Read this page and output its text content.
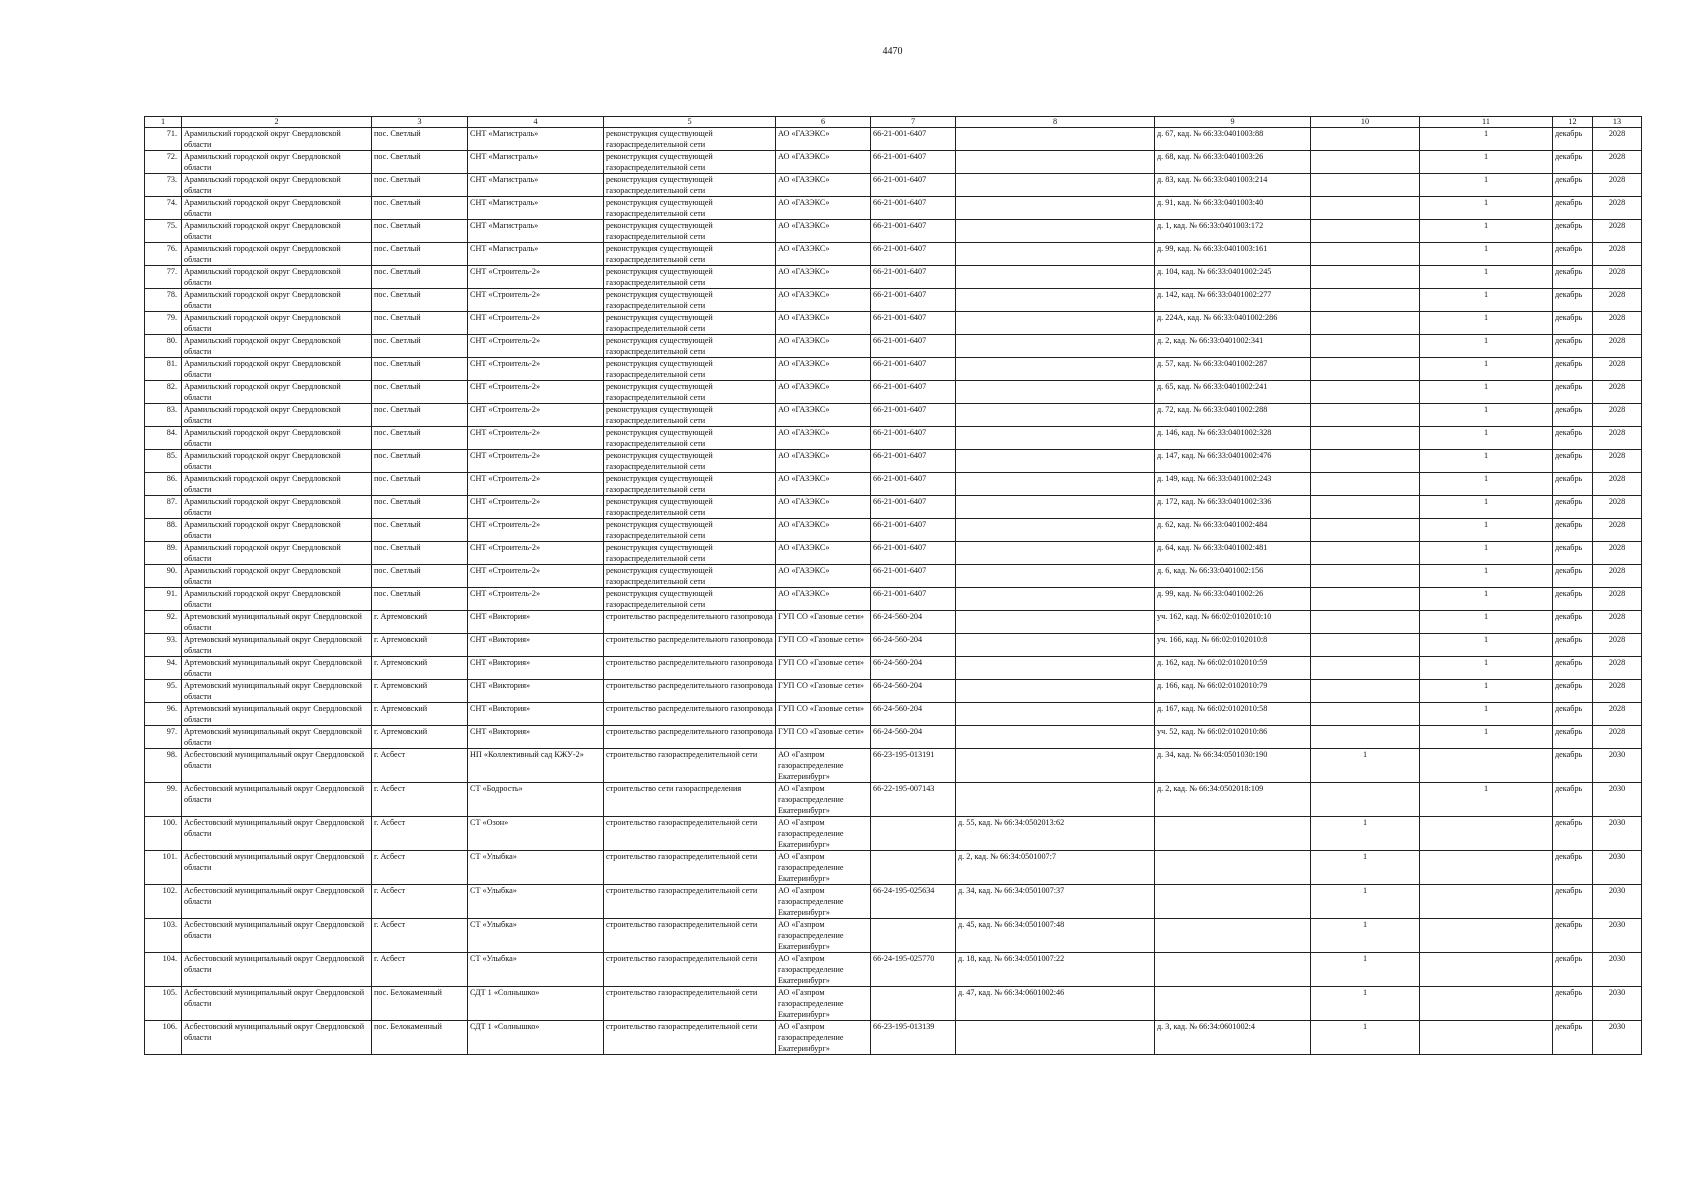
4470
1	2	3	4	5	6	7	8	9	10	11	12	13
71.	Арамильский городской округ Свердловской области	пос. Светлый	СНТ «Магистраль»	реконструкция существующей газораспределительной сети	АО «ГАЗЭКС»	66-21-001-6407		д. 67, кад. № 66:33:0401003:88		1	декабрь	2028
72.	Арамильский городской округ Свердловской области	пос. Светлый	СНТ «Магистраль»	реконструкция существующей газораспределительной сети	АО «ГАЗЭКС»	66-21-001-6407		д. 68, кад. № 66:33:0401003:26		1	декабрь	2028
73.	Арамильский городской округ Свердловской области	пос. Светлый	СНТ «Магистраль»	реконструкция существующей газораспределительной сети	АО «ГАЗЭКС»	66-21-001-6407		д. 83, кад. № 66:33:0401003:214		1	декабрь	2028
74.	Арамильский городской округ Свердловской области	пос. Светлый	СНТ «Магистраль»	реконструкция существующей газораспределительной сети	АО «ГАЗЭКС»	66-21-001-6407		д. 91, кад. № 66:33:0401003:40		1	декабрь	2028
75.	Арамильский городской округ Свердловской области	пос. Светлый	СНТ «Магистраль»	реконструкция существующей газораспределительной сети	АО «ГАЗЭКС»	66-21-001-6407		д. 1, кад. № 66:33:0401003:172		1	декабрь	2028
76.	Арамильский городской округ Свердловской области	пос. Светлый	СНТ «Магистраль»	реконструкция существующей газораспределительной сети	АО «ГАЗЭКС»	66-21-001-6407		д. 99, кад. № 66:33:0401003:161		1	декабрь	2028
77.	Арамильский городской округ Свердловской области	пос. Светлый	СНТ «Строитель-2»	реконструкция существующей газораспределительной сети	АО «ГАЗЭКС»	66-21-001-6407		д. 104, кад. № 66:33:0401002:245		1	декабрь	2028
78.	Арамильский городской округ Свердловской области	пос. Светлый	СНТ «Строитель-2»	реконструкция существующей газораспределительной сети	АО «ГАЗЭКС»	66-21-001-6407		д. 142, кад. № 66:33:0401002:277		1	декабрь	2028
79.	Арамильский городской округ Свердловской области	пос. Светлый	СНТ «Строитель-2»	реконструкция существующей газораспределительной сети	АО «ГАЗЭКС»	66-21-001-6407		д. 224А, кад. № 66:33:0401002:286		1	декабрь	2028
80.	Арамильский городской округ Свердловской области	пос. Светлый	СНТ «Строитель-2»	реконструкция существующей газораспределительной сети	АО «ГАЗЭКС»	66-21-001-6407		д. 2, кад. № 66:33:0401002:341		1	декабрь	2028
81.	Арамильский городской округ Свердловской области	пос. Светлый	СНТ «Строитель-2»	реконструкция существующей газораспределительной сети	АО «ГАЗЭКС»	66-21-001-6407		д. 57, кад. № 66:33:0401002:287		1	декабрь	2028
82.	Арамильский городской округ Свердловской области	пос. Светлый	СНТ «Строитель-2»	реконструкция существующей газораспределительной сети	АО «ГАЗЭКС»	66-21-001-6407		д. 65, кад. № 66:33:0401002:241		1	декабрь	2028
83.	Арамильский городской округ Свердловской области	пос. Светлый	СНТ «Строитель-2»	реконструкция существующей газораспределительной сети	АО «ГАЗЭКС»	66-21-001-6407		д. 72, кад. № 66:33:0401002:288		1	декабрь	2028
84.	Арамильский городской округ Свердловской области	пос. Светлый	СНТ «Строитель-2»	реконструкция существующей газораспределительной сети	АО «ГАЗЭКС»	66-21-001-6407		д. 146, кад. № 66:33:0401002:328		1	декабрь	2028
85.	Арамильский городской округ Свердловской области	пос. Светлый	СНТ «Строитель-2»	реконструкция существующей газораспределительной сети	АО «ГАЗЭКС»	66-21-001-6407		д. 147, кад. № 66:33:0401002:476		1	декабрь	2028
86.	Арамильский городской округ Свердловской области	пос. Светлый	СНТ «Строитель-2»	реконструкция существующей газораспределительной сети	АО «ГАЗЭКС»	66-21-001-6407		д. 149, кад. № 66:33:0401002:243		1	декабрь	2028
87.	Арамильский городской округ Свердловской области	пос. Светлый	СНТ «Строитель-2»	реконструкция существующей газораспределительной сети	АО «ГАЗЭКС»	66-21-001-6407		д. 172, кад. № 66:33:0401002:336		1	декабрь	2028
88.	Арамильский городской округ Свердловской области	пос. Светлый	СНТ «Строитель-2»	реконструкция существующей газораспределительной сети	АО «ГАЗЭКС»	66-21-001-6407		д. 62, кад. № 66:33:0401002:484		1	декабрь	2028
89.	Арамильский городской округ Свердловской области	пос. Светлый	СНТ «Строитель-2»	реконструкция существующей газораспределительной сети	АО «ГАЗЭКС»	66-21-001-6407		д. 64, кад. № 66:33:0401002:481		1	декабрь	2028
90.	Арамильский городской округ Свердловской области	пос. Светлый	СНТ «Строитель-2»	реконструкция существующей газораспределительной сети	АО «ГАЗЭКС»	66-21-001-6407		д. 6, кад. № 66:33:0401002:156		1	декабрь	2028
91.	Арамильский городской округ Свердловской области	пос. Светлый	СНТ «Строитель-2»	реконструкция существующей газораспределительной сети	АО «ГАЗЭКС»	66-21-001-6407		д. 99, кад. № 66:33:0401002:26		1	декабрь	2028
92.	Артемовский муниципальный округ Свердловской области	г. Артемовский	СНТ «Виктория»	строительство распределительного газопровода	ГУП СО «Газовые сети»	66-24-560-204		уч. 162, кад. № 66:02:0102010:10		1	декабрь	2028
93.	Артемовский муниципальный округ Свердловской области	г. Артемовский	СНТ «Виктория»	строительство распределительного газопровода	ГУП СО «Газовые сети»	66-24-560-204		уч. 166, кад. № 66:02:0102010:8		1	декабрь	2028
94.	Артемовский муниципальный округ Свердловской области	г. Артемовский	СНТ «Виктория»	строительство распределительного газопровода	ГУП СО «Газовые сети»	66-24-560-204		д. 162, кад. № 66:02:0102010:59		1	декабрь	2028
95.	Артемовский муниципальный округ Свердловской области	г. Артемовский	СНТ «Виктория»	строительство распределительного газопровода	ГУП СО «Газовые сети»	66-24-560-204		д. 166, кад. № 66:02:0102010:79		1	декабрь	2028
96.	Артемовский муниципальный округ Свердловской области	г. Артемовский	СНТ «Виктория»	строительство распределительного газопровода	ГУП СО «Газовые сети»	66-24-560-204		д. 167, кад. № 66:02:0102010:58		1	декабрь	2028
97.	Артемовский муниципальный округ Свердловской области	г. Артемовский	СНТ «Виктория»	строительство распределительного газопровода	ГУП СО «Газовые сети»	66-24-560-204		уч. 52, кад. № 66:02:0102010:86		1	декабрь	2028
98.	Асбестовский муниципальный округ Свердловской области	г. Асбест	НП «Коллективный сад КЖУ-2»	строительство газораспределительной сети	АО «Газпром газораспределение Екатеринбург»	66-23-195-013191		д. 34, кад. № 66:34:0501030:190	1		декабрь	2030
99.	Асбестовский муниципальный округ Свердловской области	г. Асбест	СТ «Бодрость»	строительство сети газораспределения	АО «Газпром газораспределение Екатеринбург»	66-22-195-007143		д. 2, кад. № 66:34:0502018:109		1	декабрь	2030
100.	Асбестовский муниципальный округ Свердловской области	г. Асбест	СТ «Озон»	строительство газораспределительной сети	АО «Газпром газораспределение Екатеринбург»		д. 55, кад. № 66:34:0502013:62		1		декабрь	2030
101.	Асбестовский муниципальный округ Свердловской области	г. Асбест	СТ «Улыбка»	строительство газораспределительной сети	АО «Газпром газораспределение Екатеринбург»		д. 2, кад. № 66:34:0501007:7		1		декабрь	2030
102.	Асбестовский муниципальный округ Свердловской области	г. Асбест	СТ «Улыбка»	строительство газораспределительной сети	АО «Газпром газораспределение Екатеринбург»	66-24-195-025634	д. 34, кад. № 66:34:0501007:37		1		декабрь	2030
103.	Асбестовский муниципальный округ Свердловской области	г. Асбест	СТ «Улыбка»	строительство газораспределительной сети	АО «Газпром газораспределение Екатеринбург»		д. 45, кад. № 66:34:0501007:48		1		декабрь	2030
104.	Асбестовский муниципальный округ Свердловской области	г. Асбест	СТ «Улыбка»	строительство газораспределительной сети	АО «Газпром газораспределение Екатеринбург»	66-24-195-025770	д. 18, кад. № 66:34:0501007:22		1		декабрь	2030
105.	Асбестовский муниципальный округ Свердловской области	пос. Белокаменный	СДТ 1 «Солнышко»	строительство газораспределительной сети	АО «Газпром газораспределение Екатеринбург»		д. 47, кад. № 66:34:0601002:46		1		декабрь	2030
106.	Асбестовский муниципальный округ Свердловской области	пос. Белокаменный	СДТ 1 «Солнышко»	строительство газораспределительной сети	АО «Газпром газораспределение Екатеринбург»	66-23-195-013139		д. 3, кад. № 66:34:0601002:4	1		декабрь	2030
